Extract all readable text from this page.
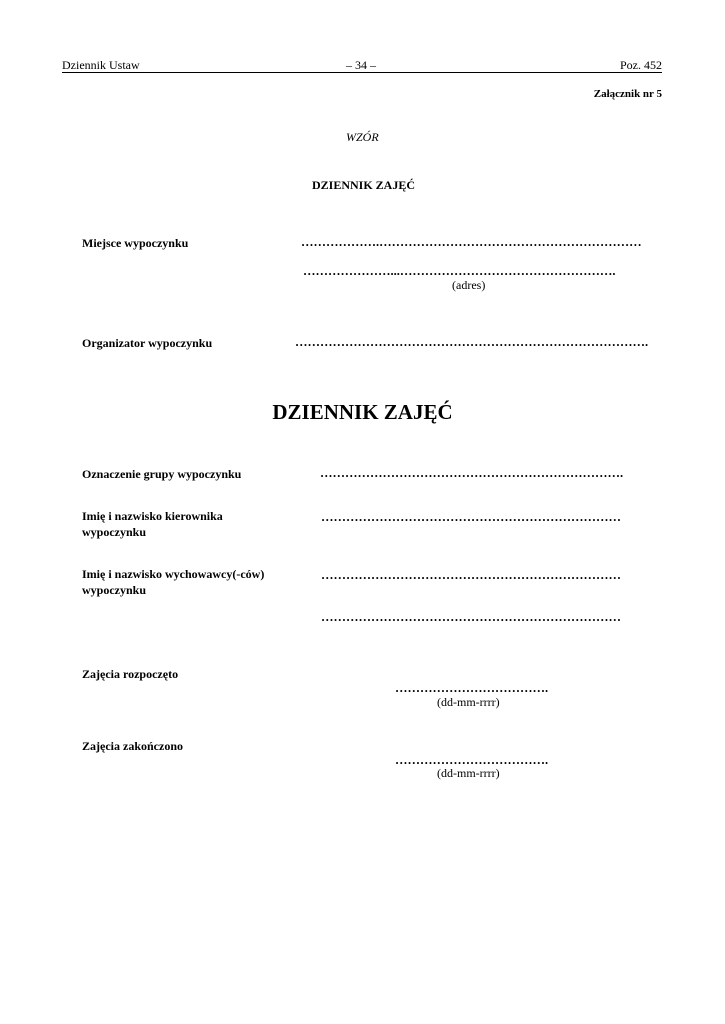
Dziennik Ustaw	– 34 –	Poz. 452
Załącznik nr 5
WZÓR
DZIENNIK ZAJĘĆ
Miejsce wypoczynku	……………….………………………………………………………
…………………...…………………………………………….
(adres)
Organizator wypoczynku	………………………………………………………………………….
DZIENNIK ZAJĘĆ
Oznaczenie grupy wypoczynku	……………………………………………………………….
Imię i nazwisko kierownika
wypoczynku
………………………………………………………………
Imię i nazwisko wychowawcy(-ców)
wypoczynku
………………………………………………………………
………………………………………………………………
Zajęcia rozpoczęto
……………………………….
(dd-mm-rrrr)
Zajęcia zakończono
……………………………….
(dd-mm-rrrr)
